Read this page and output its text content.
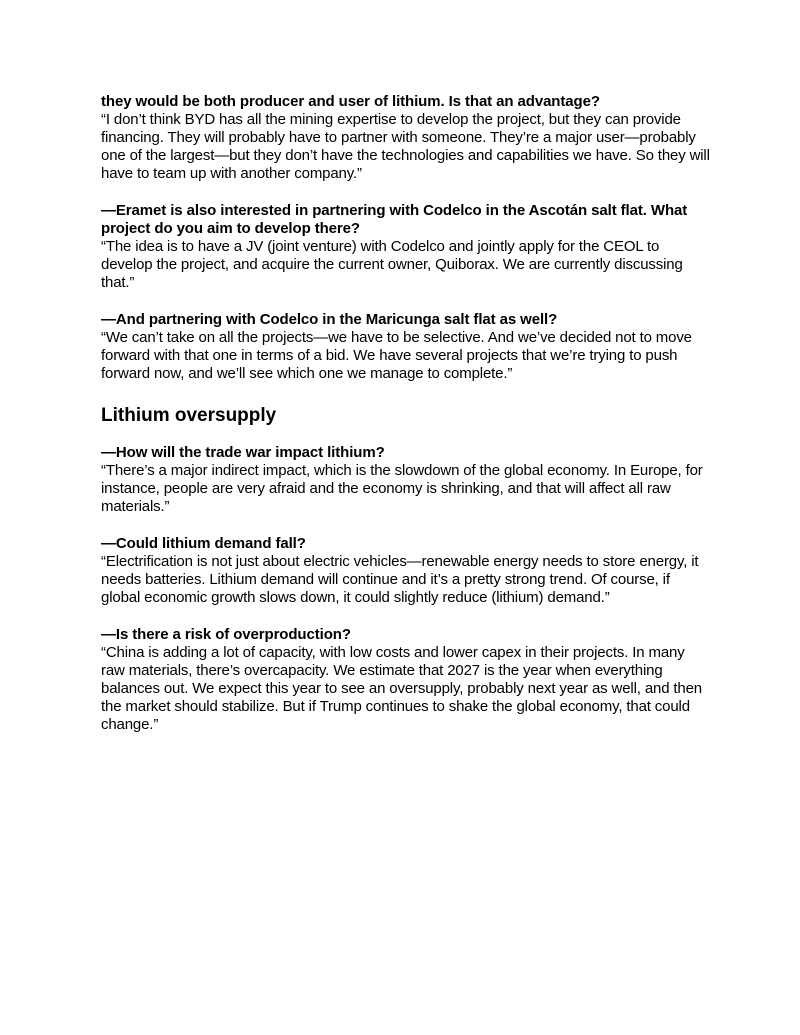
they would be both producer and user of lithium. Is that an advantage?

“I don’t think BYD has all the mining expertise to develop the project, but they can provide financing. They will probably have to partner with someone. They’re a major user—probably one of the largest—but they don’t have the technologies and capabilities we have. So they will have to team up with another company.”

—Eramet is also interested in partnering with Codelco in the Ascotán salt flat. What project do you aim to develop there?

“The idea is to have a JV (joint venture) with Codelco and jointly apply for the CEOL to develop the project, and acquire the current owner, Quiborax. We are currently discussing that.”

—And partnering with Codelco in the Maricunga salt flat as well?

“We can’t take on all the projects—we have to be selective. And we’ve decided not to move forward with that one in terms of a bid. We have several projects that we’re trying to push forward now, and we’ll see which one we manage to complete.”

Lithium oversupply

—How will the trade war impact lithium?

“There’s a major indirect impact, which is the slowdown of the global economy. In Europe, for instance, people are very afraid and the economy is shrinking, and that will affect all raw materials.”

—Could lithium demand fall?

“Electrification is not just about electric vehicles—renewable energy needs to store energy, it needs batteries. Lithium demand will continue and it’s a pretty strong trend. Of course, if global economic growth slows down, it could slightly reduce (lithium) demand.”

—Is there a risk of overproduction?

“China is adding a lot of capacity, with low costs and lower capex in their projects. In many raw materials, there’s overcapacity. We estimate that 2027 is the year when everything balances out. We expect this year to see an oversupply, probably next year as well, and then the market should stabilize. But if Trump continues to shake the global economy, that could change.”
